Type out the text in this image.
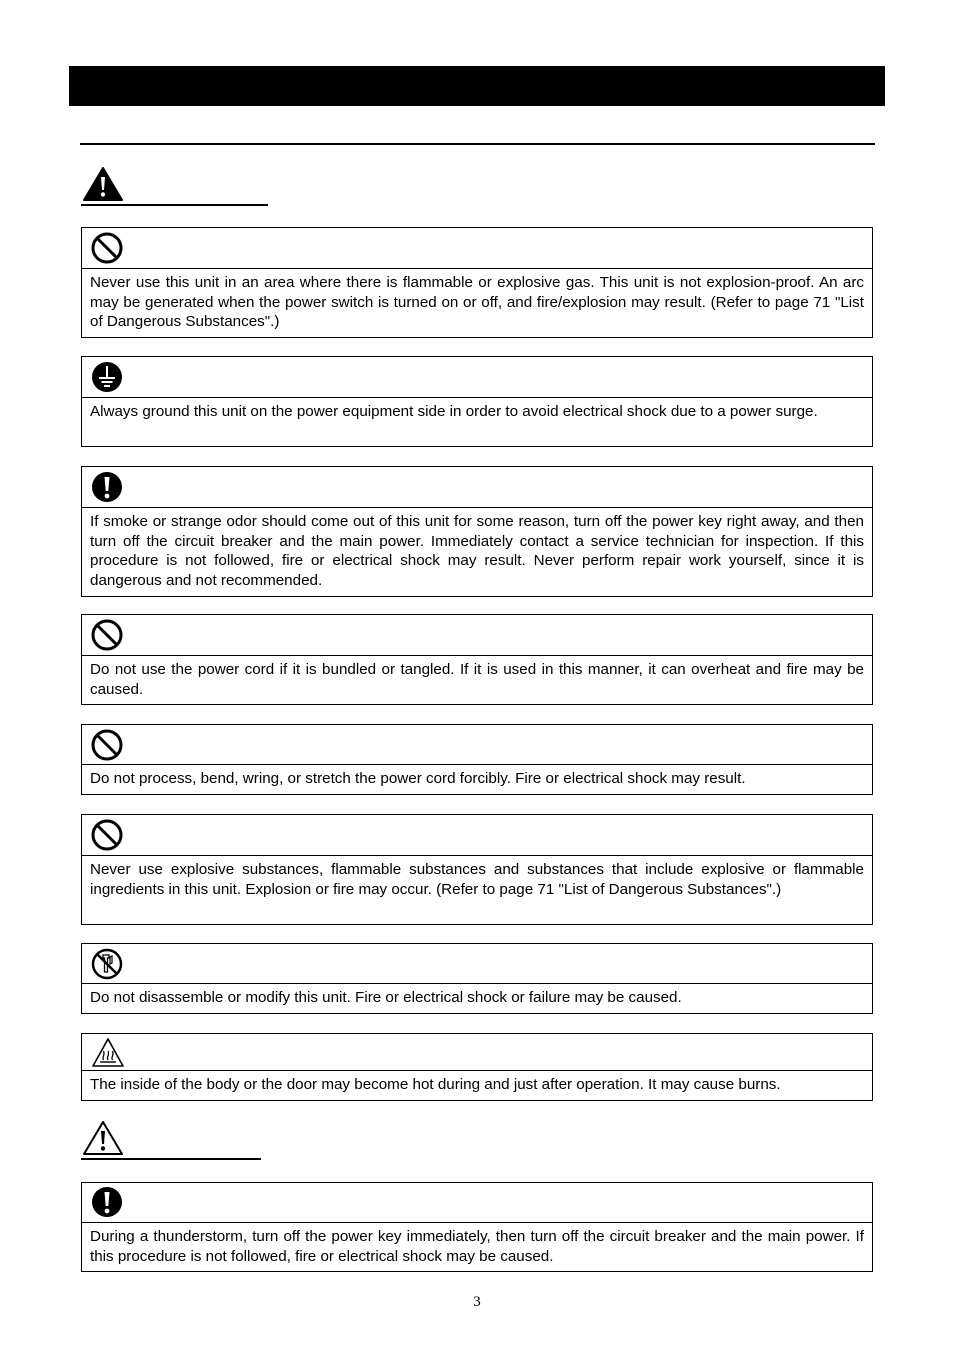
Never use this unit in an area where there is flammable or explosive gas. This unit is not explosion-proof. An arc may be generated when the power switch is turned on or off, and fire/explosion may result. (Refer to page 71 "List of Dangerous Substances".)
Always ground this unit on the power equipment side in order to avoid electrical shock due to a power surge.
If smoke or strange odor should come out of this unit for some reason, turn off the power key right away, and then turn off the circuit breaker and the main power. Immediately contact a service technician for inspection. If this procedure is not followed, fire or electrical shock may result. Never perform repair work yourself, since it is dangerous and not recommended.
Do not use the power cord if it is bundled or tangled. If it is used in this manner, it can overheat and fire may be caused.
Do not process, bend, wring, or stretch the power cord forcibly. Fire or electrical shock may result.
Never use explosive substances, flammable substances and substances that include explosive or flammable ingredients in this unit. Explosion or fire may occur. (Refer to page 71 "List of Dangerous Substances".)
Do not disassemble or modify this unit. Fire or electrical shock or failure may be caused.
The inside of the body or the door may become hot during and just after operation. It may cause burns.
During a thunderstorm, turn off the power key immediately, then turn off the circuit breaker and the main power. If this procedure is not followed, fire or electrical shock may be caused.
3
